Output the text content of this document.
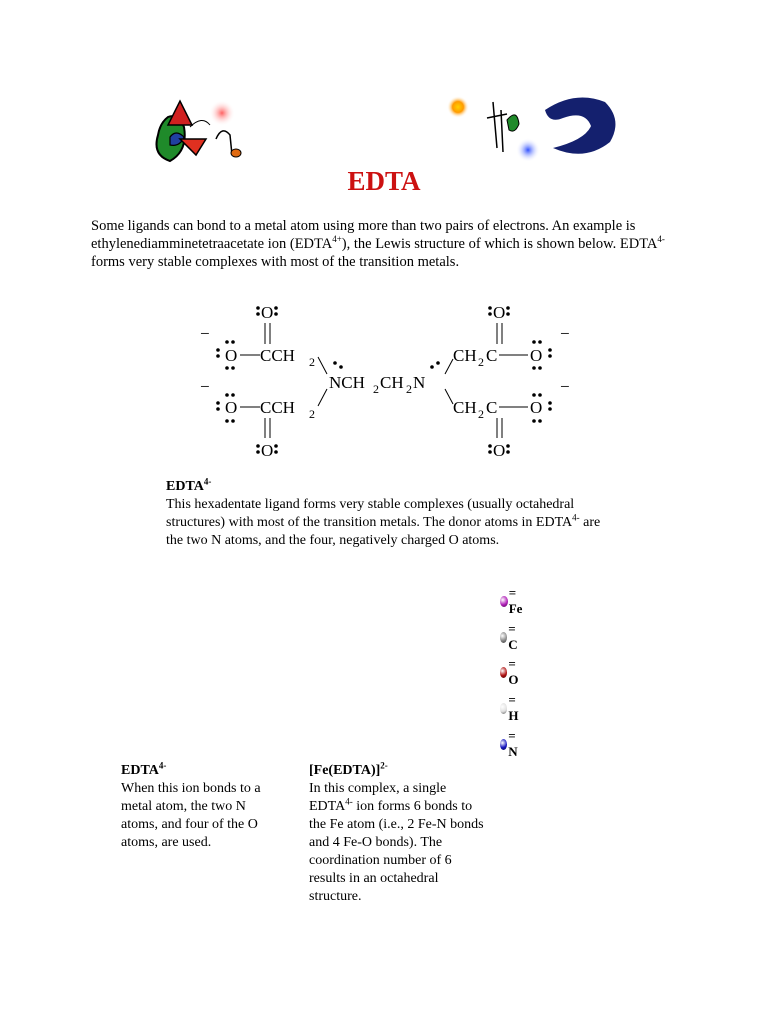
EDTA

Some ligands can bond to a metal atom using more than two pairs of electrons. An example is ethylenediamminetetraacetate ion $(EDTA^{4+})$, the Lewis structure of which is shown below. $EDTA^{4-}$ forms very stable complexes with most of the transition metals.

O
−
O CCH 2
−
O CCH 2
O
NCH 2 CH 2 N
O
CH 2 C O
−
CH 2 C O
−
O
$EDTA^{4-}$
This hexadentate ligand forms very stable complexes (usually octahedral structures) with most of the transition metals. The donor atoms in $EDTA^{4-}$ are the two N atoms, and the four, negatively charged O atoms.
= Fe
= C
= O
= H
= N
$EDTA^{4-}$
When this ion bonds to a metal atom, the two N atoms, and four of the O atoms, are used.
[Fe(EDTA)]$^{2-}$
In this complex, a single $EDTA^{4-}$ ion forms 6 bonds to the Fe atom (i.e., 2 Fe-N bonds and 4 Fe-O bonds). The coordination number of 6 results in an octahedral structure.
